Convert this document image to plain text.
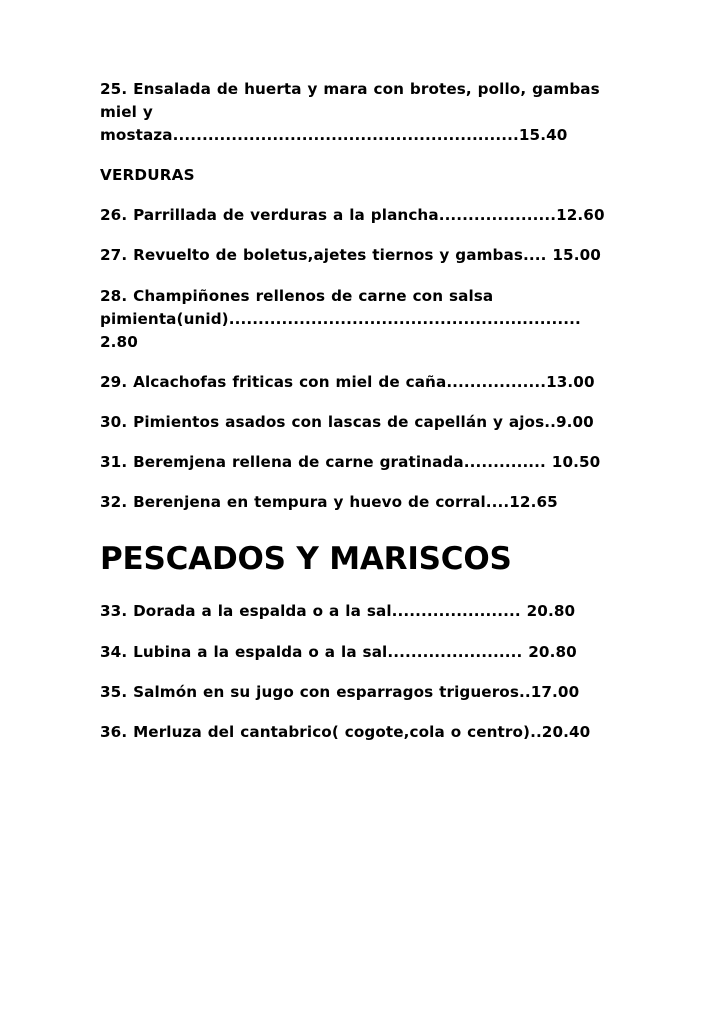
25. Ensalada de huerta y mara con brotes, pollo, gambas miel y mostaza...........................................................15.40

VERDURAS

26. Parrillada de verduras a la plancha....................12.60

27. Revuelto de boletus,ajetes tiernos y gambas.... 15.00

28. Champiñones rellenos de carne con salsa pimienta(unid)............................................................ 2.80

29. Alcachofas friticas con miel de caña.................13.00

30. Pimientos asados con lascas de capellán y ajos..9.00

31. Beremjena rellena de carne gratinada.............. 10.50

32. Berenjena en tempura y huevo de corral....12.65

PESCADOS Y MARISCOS

33. Dorada a la espalda o a la sal...................... 20.80

34. Lubina a la espalda o a la sal....................... 20.80

35. Salmón en su jugo con esparragos trigueros..17.00

36. Merluza del cantabrico( cogote,cola o centro)..20.40
